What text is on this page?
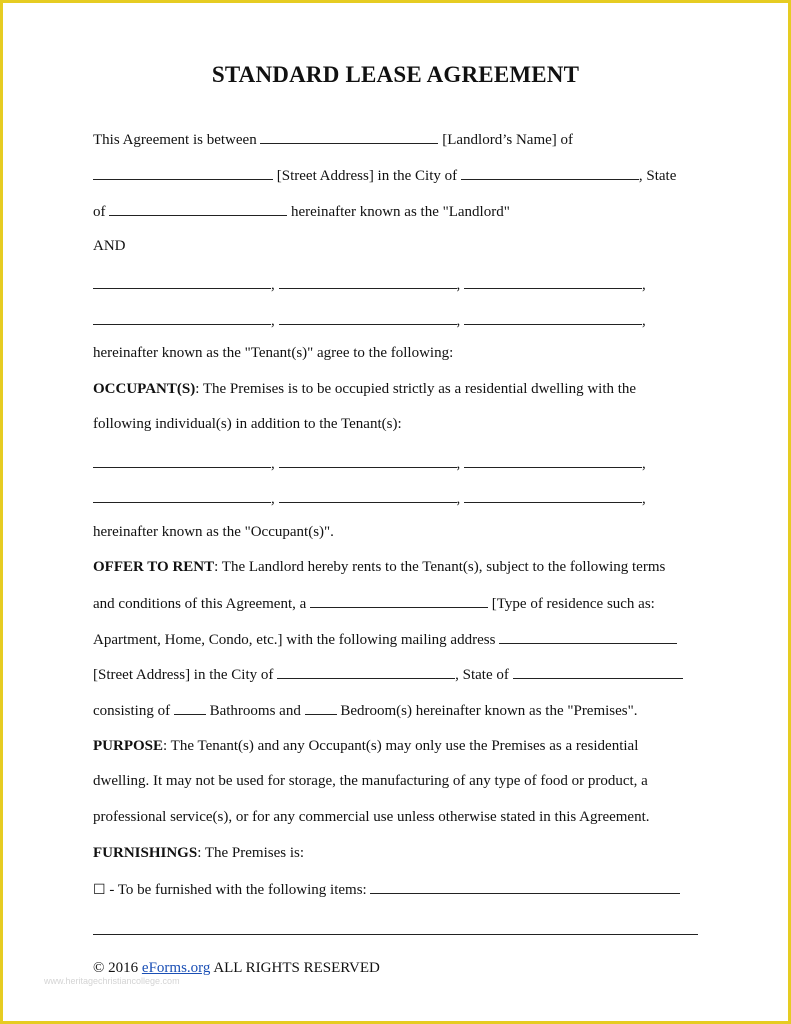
STANDARD LEASE AGREEMENT
This Agreement is between	[Landlord’s Name] of
[Street Address] in the City of	, State
of	hereinafter known as the "Landlord"
AND
,	,	,
,	,	,
hereinafter known as the "Tenant(s)" agree to the following:
OCCUPANT(S): The Premises is to be occupied strictly as a residential dwelling with the
following individual(s) in addition to the Tenant(s):
,	,	,
,	,	,
hereinafter known as the "Occupant(s)".
OFFER TO RENT: The Landlord hereby rents to the Tenant(s), subject to the following terms
and conditions of this Agreement, a	[Type of residence such as:
Apartment, Home, Condo, etc.] with the following mailing address
[Street Address] in the City of	, State of
consisting of  Bathrooms and  Bedroom(s) hereinafter known as the "Premises".
PURPOSE: The Tenant(s) and any Occupant(s) may only use the Premises as a residential
dwelling. It may not be used for storage, the manufacturing of any type of food or product, a
professional service(s), or for any commercial use unless otherwise stated in this Agreement.
FURNISHINGS: The Premises is:
☐ - To be furnished with the following items:
© 2016 eForms.org ALL RIGHTS RESERVED
www.heritagechristiancollege.com
